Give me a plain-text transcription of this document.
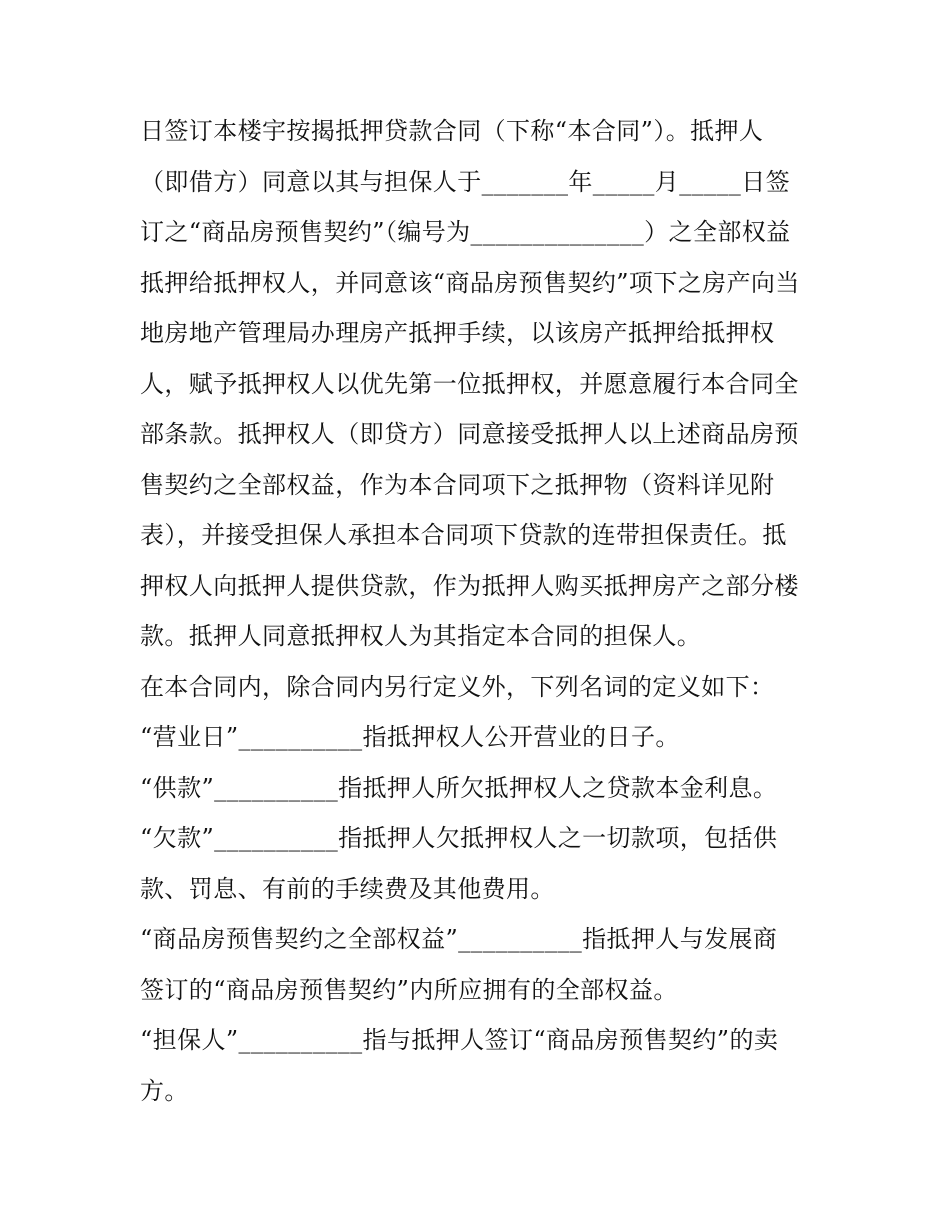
日签订本楼宇按揭抵押贷款合同（下称“本合同”）。抵押人
（即借方）同意以其与担保人于_______年_____月_____日签
订之“商品房预售契约”（编号为______________）之全部权益
抵押给抵押权人，并同意该“商品房预售契约”项下之房产向当
地房地产管理局办理房产抵押手续，以该房产抵押给抵押权
人，赋予抵押权人以优先第一位抵押权，并愿意履行本合同全
部条款。抵押权人（即贷方）同意接受抵押人以上述商品房预
售契约之全部权益，作为本合同项下之抵押物（资料详见附
表），并接受担保人承担本合同项下贷款的连带担保责任。抵
押权人向抵押人提供贷款，作为抵押人购买抵押房产之部分楼
款。抵押人同意抵押权人为其指定本合同的担保人。
在本合同内，除合同内另行定义外，下列名词的定义如下：
“营业日”__________指抵押权人公开营业的日子。
“供款”__________指抵押人所欠抵押权人之贷款本金利息。
“欠款”__________指抵押人欠抵押权人之一切款项，包括供
款、罚息、有前的手续费及其他费用。
“商品房预售契约之全部权益”__________指抵押人与发展商
签订的“商品房预售契约”内所应拥有的全部权益。
“担保人”__________指与抵押人签订“商品房预售契约”的卖
方。
